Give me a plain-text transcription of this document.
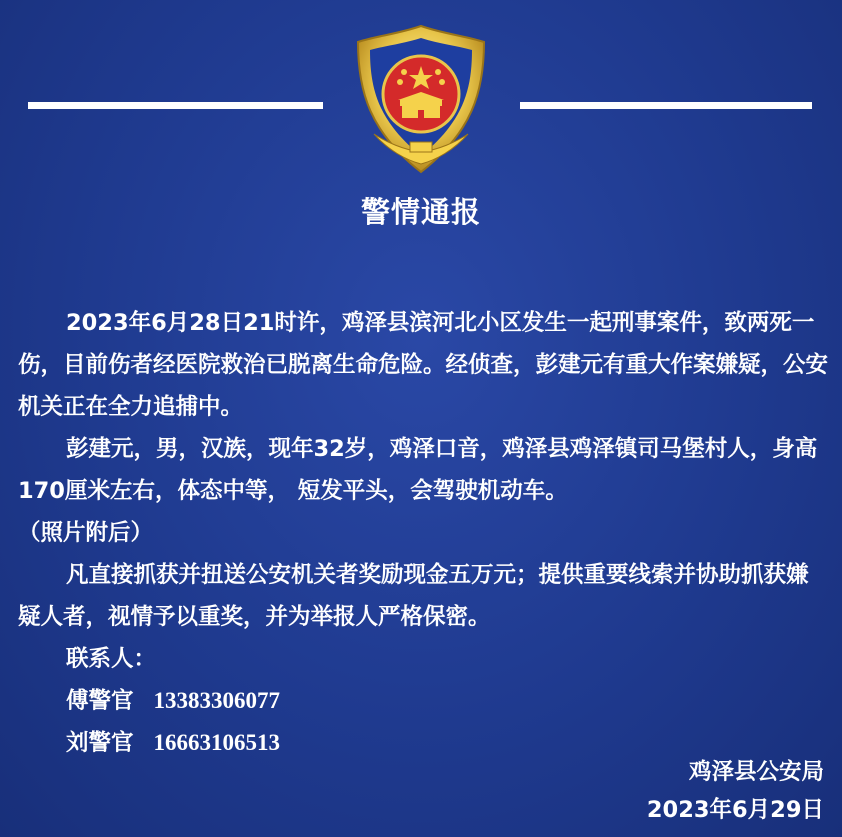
警情通报

2023年6月28日21时许，鸡泽县滨河北小区发生一起刑事案件，致两死一伤，目前伤者经医院救治已脱离生命危险。经侦查，彭建元有重大作案嫌疑，公安机关正在全力追捕中。

彭建元，男，汉族，现年32岁，鸡泽口音，鸡泽县鸡泽镇司马堡村人，身高 170厘米左右，体态中等， 短发平头，会驾驶机动车。

（照片附后）

凡直接抓获并扭送公安机关者奖励现金五万元；提供重要线索并协助抓获嫌疑人者，视情予以重奖，并为举报人严格保密。

联系人：

傅警官 13383306077

刘警官 16663106513

鸡泽县公安局
2023年6月29日
